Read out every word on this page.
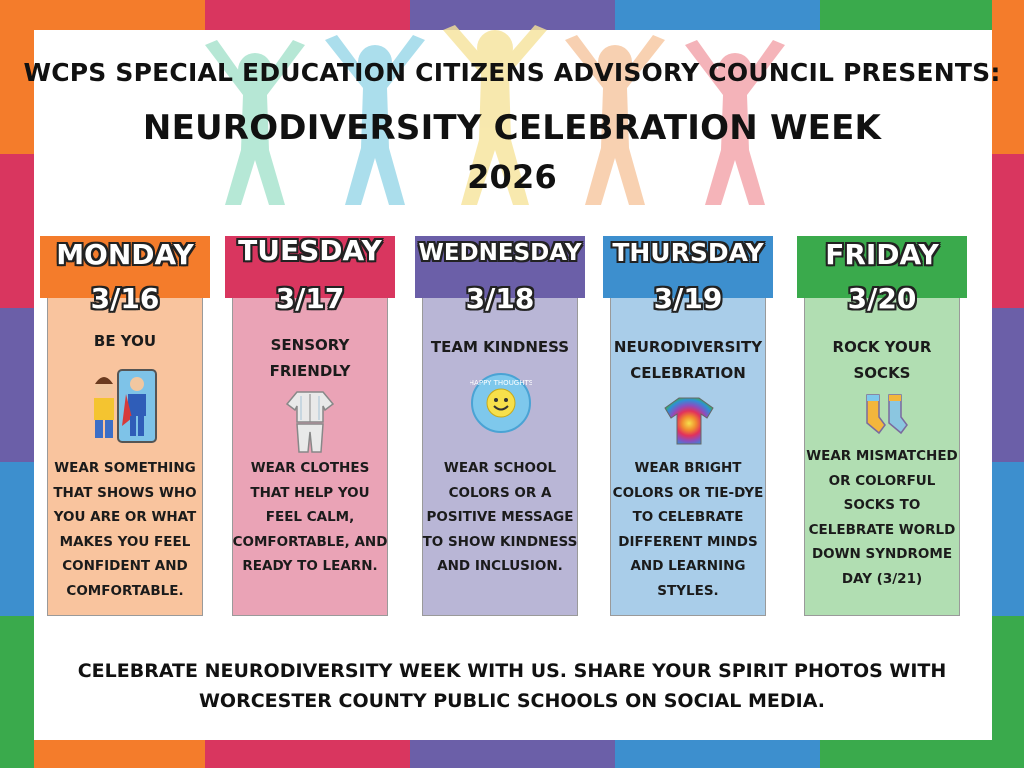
WCPS SPECIAL EDUCATION CITIZENS ADVISORY COUNCIL PRESENTS:
NEURODIVERSITY CELEBRATION WEEK
2026
MONDAY
3/16
BE YOU
WEAR SOMETHING THAT SHOWS WHO YOU ARE OR WHAT MAKES YOU FEEL CONFIDENT AND COMFORTABLE.
TUESDAY
3/17
SENSORY FRIENDLY
WEAR CLOTHES THAT HELP YOU FEEL CALM, COMFORTABLE, AND READY TO LEARN.
WEDNESDAY
3/18
TEAM KINDNESS
HAPPY THOUGHTS
WEAR SCHOOL COLORS OR A POSITIVE MESSAGE TO SHOW KINDNESS AND INCLUSION.
THURSDAY
3/19
NEURODIVERSITY CELEBRATION
WEAR BRIGHT COLORS OR TIE-DYE TO CELEBRATE DIFFERENT MINDS AND LEARNING STYLES.
FRIDAY
3/20
ROCK YOUR SOCKS
WEAR MISMATCHED OR COLORFUL SOCKS TO CELEBRATE WORLD DOWN SYNDROME DAY (3/21)
CELEBRATE NEURODIVERSITY WEEK WITH US. SHARE YOUR SPIRIT PHOTOS WITH
WORCESTER COUNTY PUBLIC SCHOOLS ON SOCIAL MEDIA.
